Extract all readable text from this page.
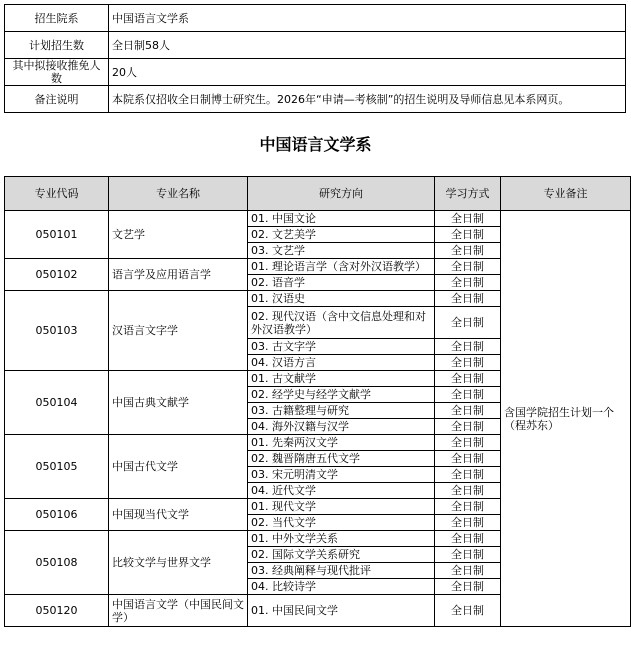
招生院系	中国语言文学系
计划招生数	全日制58人
其中拟接收推免人数	20人
备注说明	本院系仅招收全日制博士研究生。2026年“申请—考核制”的招生说明及导师信息见本系网页。
中国语言文学系
专业代码	专业名称	研究方向	学习方式	专业备注
050101	文艺学	01. 中国文论	全日制	含国学院招生计划一个（程苏东）
		02. 文艺美学	全日制	
		03. 文艺学	全日制	
050102	语言学及应用语言学	01. 理论语言学（含对外汉语教学）	全日制	
		02. 语音学	全日制	
050103	汉语言文字学	01. 汉语史	全日制	
		02. 现代汉语（含中文信息处理和对外汉语教学）	全日制	
		03. 古文字学	全日制	
		04. 汉语方言	全日制	
050104	中国古典文献学	01. 古文献学	全日制	
		02. 经学史与经学文献学	全日制	
		03. 古籍整理与研究	全日制	
		04. 海外汉籍与汉学	全日制	
050105	中国古代文学	01. 先秦两汉文学	全日制	
		02. 魏晋隋唐五代文学	全日制	
		03. 宋元明清文学	全日制	
		04. 近代文学	全日制	
050106	中国现当代文学	01. 现代文学	全日制	
		02. 当代文学	全日制	
050108	比较文学与世界文学	01. 中外文学关系	全日制	
		02. 国际文学关系研究	全日制	
		03. 经典阐释与现代批评	全日制	
		04. 比较诗学	全日制	
050120	中国语言文学（中国民间文学）	01. 中国民间文学	全日制	
